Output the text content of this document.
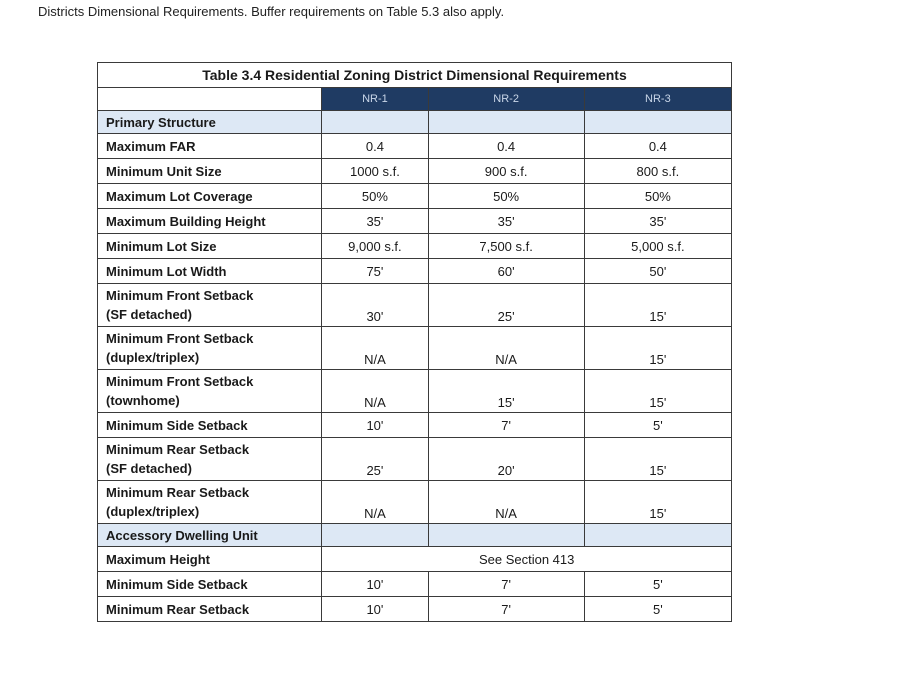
Districts Dimensional Requirements. Buffer requirements on Table 5.3 also apply.
Table 3.4 Residential Zoning District Dimensional Requirements			
	NR-1	NR-2	NR-3
Primary Structure			
Maximum FAR	0.4	0.4	0.4
Minimum Unit Size	1000 s.f.	900 s.f.	800 s.f.
Maximum Lot Coverage	50%	50%	50%
Maximum Building Height	35'	35'	35'
Minimum Lot Size	9,000 s.f.	7,500 s.f.	5,000 s.f.
Minimum Lot Width	75'	60'	50'

Minimum Front Setback
(SF detached)	30'	25'	15'

Minimum Front Setback
(duplex/triplex)	N/A	N/A	15'

Minimum Front Setback
(townhome)	N/A	15'	15'
Minimum Side Setback	10'	7'	5'

Minimum Rear Setback
(SF detached)	25'	20'	15'

Minimum Rear Setback
(duplex/triplex)	N/A	N/A	15'
Accessory Dwelling Unit			
Maximum Height	See Section 413		
Minimum Side Setback	10'	7'	5'
Minimum Rear Setback	10'	7'	5'
